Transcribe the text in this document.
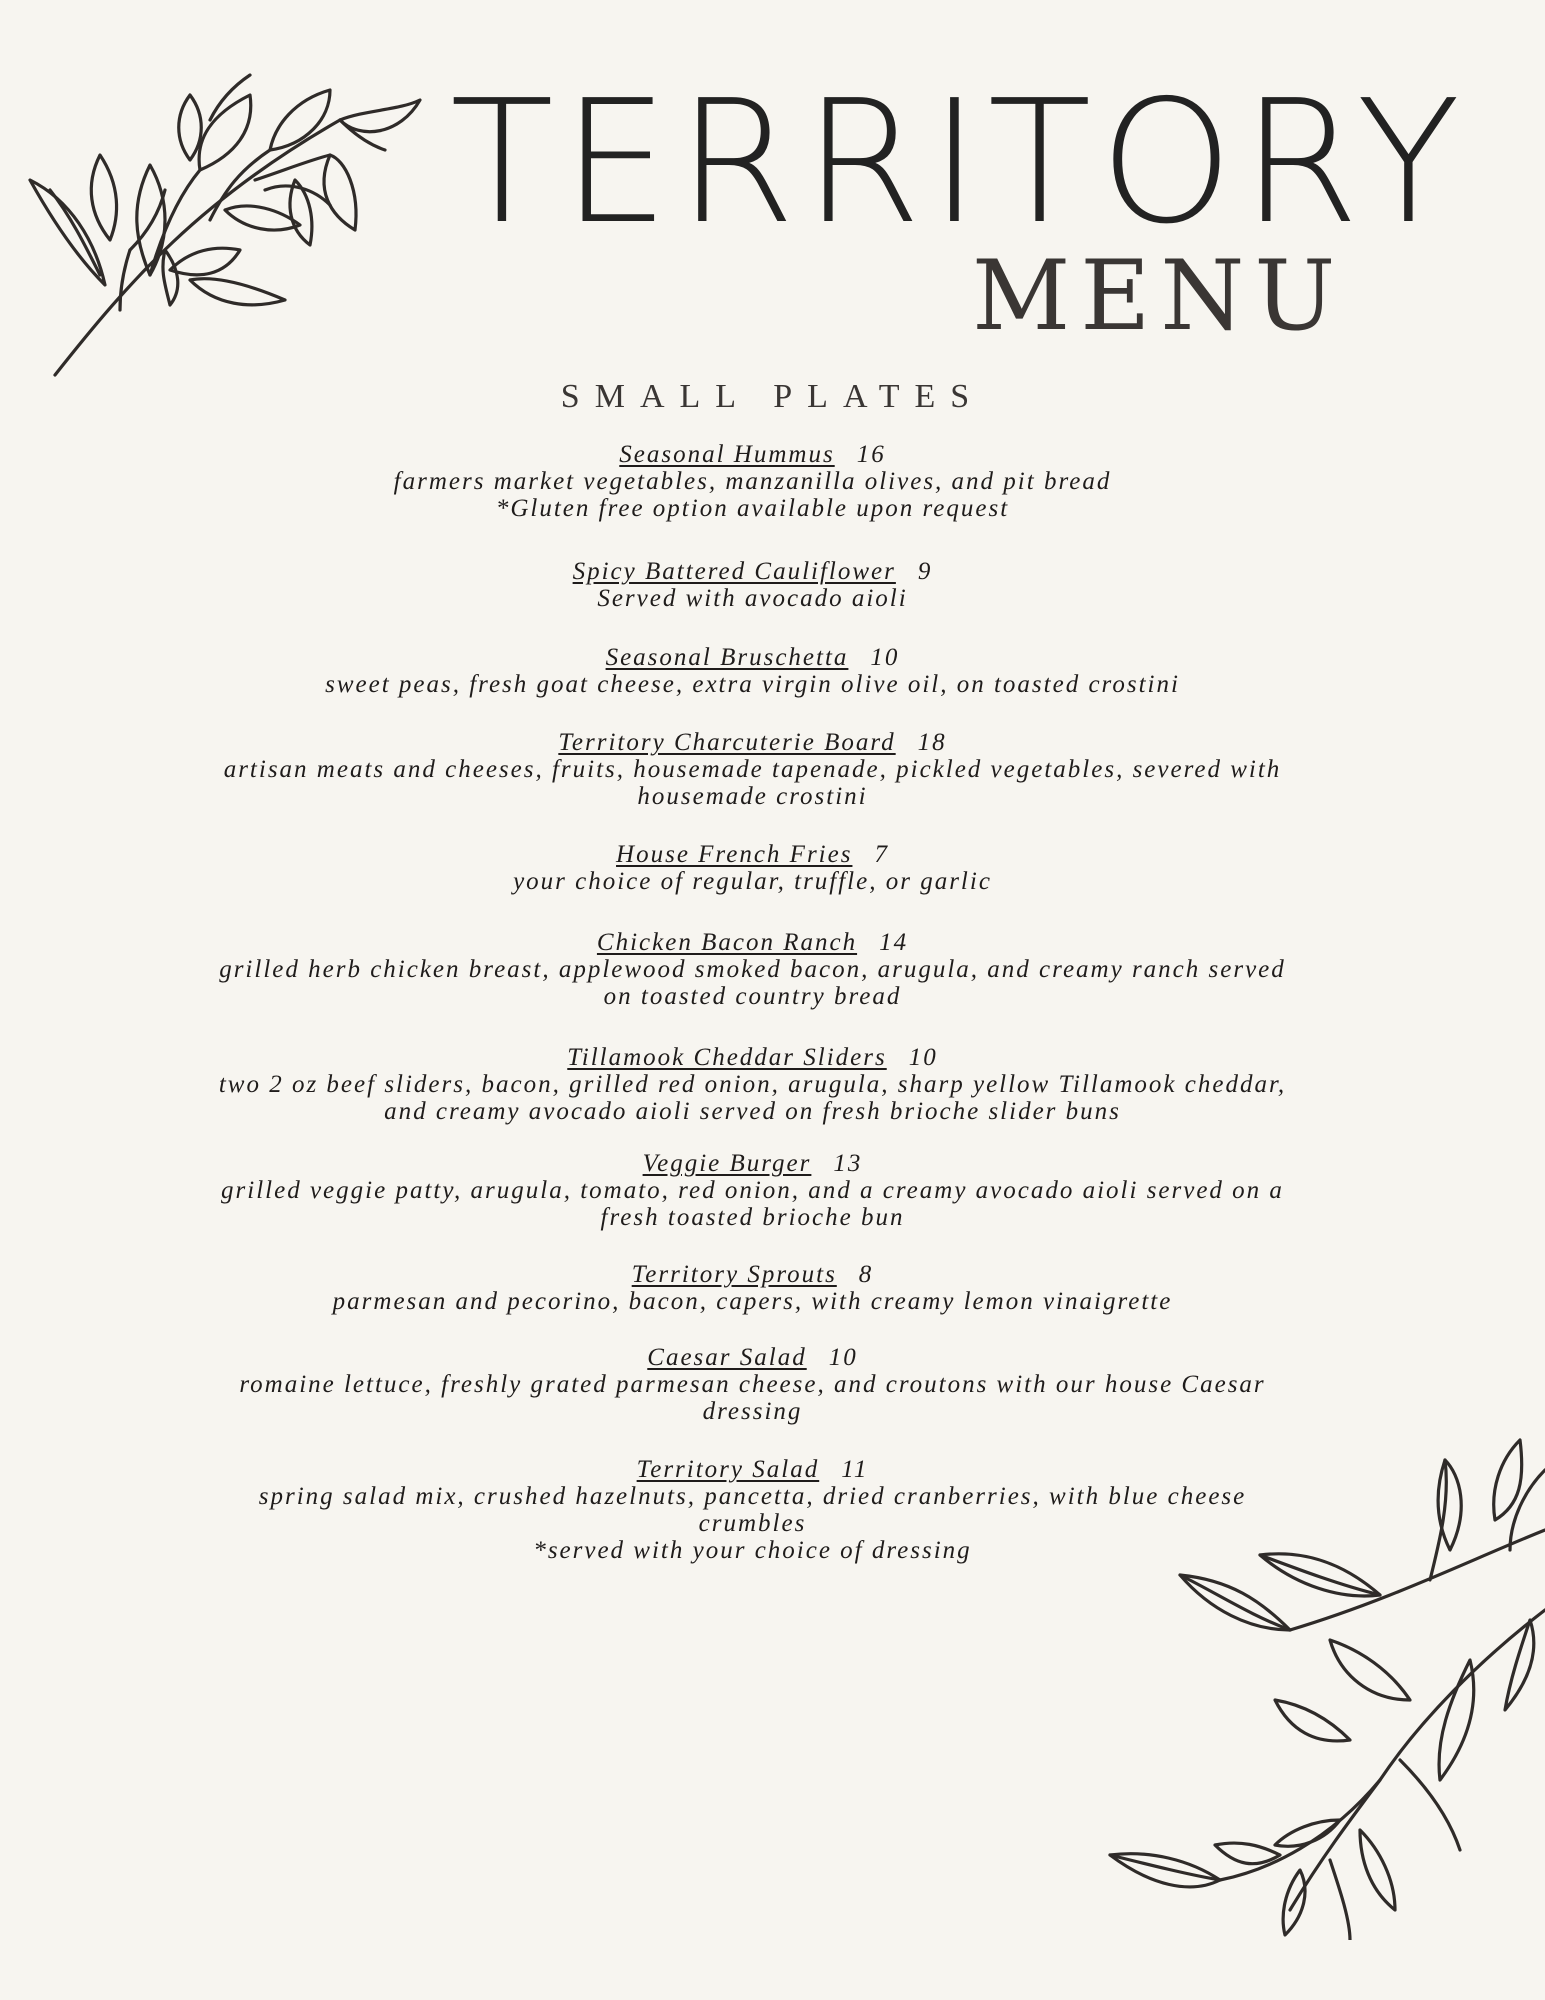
TERRITORY
MENU
SMALL PLATES

Seasonal Hummus 16

farmers market vegetables, manzanilla olives, and pit bread

*Gluten free option available upon request

Spicy Battered Cauliflower 9

Served with avocado aioli

Seasonal Bruschetta 10

sweet peas, fresh goat cheese, extra virgin olive oil, on toasted crostini

Territory Charcuterie Board 18

artisan meats and cheeses, fruits, housemade tapenade, pickled vegetables, severed with

housemade crostini

House French Fries 7

your choice of regular, truffle, or garlic

Chicken Bacon Ranch 14

grilled herb chicken breast, applewood smoked bacon, arugula, and creamy ranch served

on toasted country bread

Tillamook Cheddar Sliders 10

two 2 oz beef sliders, bacon, grilled red onion, arugula, sharp yellow Tillamook cheddar,

and creamy avocado aioli served on fresh brioche slider buns

Veggie Burger 13

grilled veggie patty, arugula, tomato, red onion, and a creamy avocado aioli served on a

fresh toasted brioche bun

Territory Sprouts 8

parmesan and pecorino, bacon, capers, with creamy lemon vinaigrette

Caesar Salad 10

romaine lettuce, freshly grated parmesan cheese, and croutons with our house Caesar

dressing

Territory Salad 11

spring salad mix, crushed hazelnuts, pancetta, dried cranberries, with blue cheese

crumbles

*served with your choice of dressing
